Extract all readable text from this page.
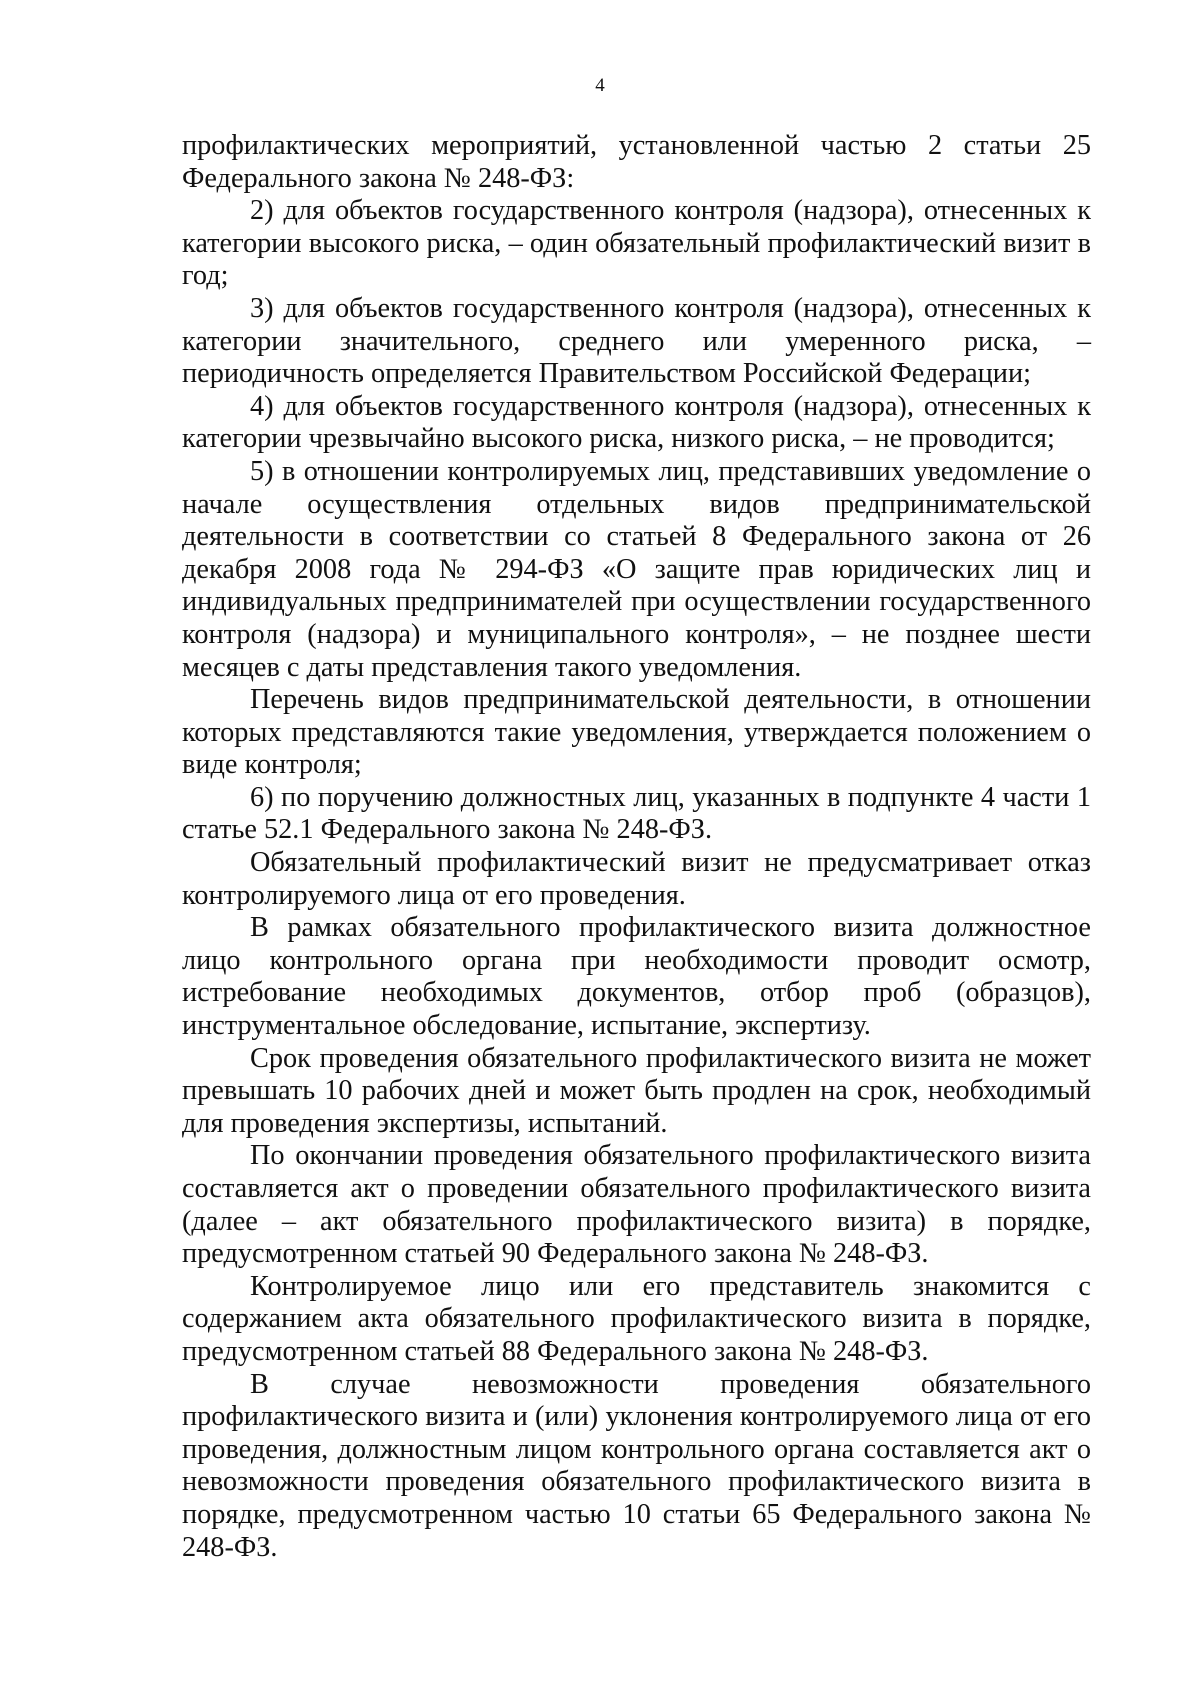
4

профилактических мероприятий, установленной частью 2 статьи 25 Федерального закона № 248-ФЗ:

2) для объектов государственного контроля (надзора), отнесенных к категории высокого риска, – один обязательный профилактический визит в год;

3) для объектов государственного контроля (надзора), отнесенных к категории значительного, среднего или умеренного риска, – периодичность определяется Правительством Российской Федерации;

4) для объектов государственного контроля (надзора), отнесенных к категории чрезвычайно высокого риска, низкого риска, – не проводится;

5) в отношении контролируемых лиц, представивших уведомление о начале осуществления отдельных видов предпринимательской деятельности в соответствии со статьей 8 Федерального закона от 26 декабря 2008 года № 294-ФЗ «О защите прав юридических лиц и индивидуальных предпринимателей при осуществлении государственного контроля (надзора) и муниципального контроля», – не позднее шести месяцев с даты представления такого уведомления.

Перечень видов предпринимательской деятельности, в отношении которых представляются такие уведомления, утверждается положением о виде контроля;

6) по поручению должностных лиц, указанных в подпункте 4 части 1 статье 52.1 Федерального закона № 248-ФЗ.

Обязательный профилактический визит не предусматривает отказ контролируемого лица от его проведения.

В рамках обязательного профилактического визита должностное лицо контрольного органа при необходимости проводит осмотр, истребование необходимых документов, отбор проб (образцов), инструментальное обследование, испытание, экспертизу.

Срок проведения обязательного профилактического визита не может превышать 10 рабочих дней и может быть продлен на срок, необходимый для проведения экспертизы, испытаний.

По окончании проведения обязательного профилактического визита составляется акт о проведении обязательного профилактического визита (далее – акт обязательного профилактического визита) в порядке, предусмотренном статьей 90 Федерального закона № 248-ФЗ.

Контролируемое лицо или его представитель знакомится с содержанием акта обязательного профилактического визита в порядке, предусмотренном статьей 88 Федерального закона № 248-ФЗ.

В случае невозможности проведения обязательного профилактического визита и (или) уклонения контролируемого лица от его проведения, должностным лицом контрольного органа составляется акт о невозможности проведения обязательного профилактического визита в порядке, предусмотренном частью 10 статьи 65 Федерального закона № 248-ФЗ.
